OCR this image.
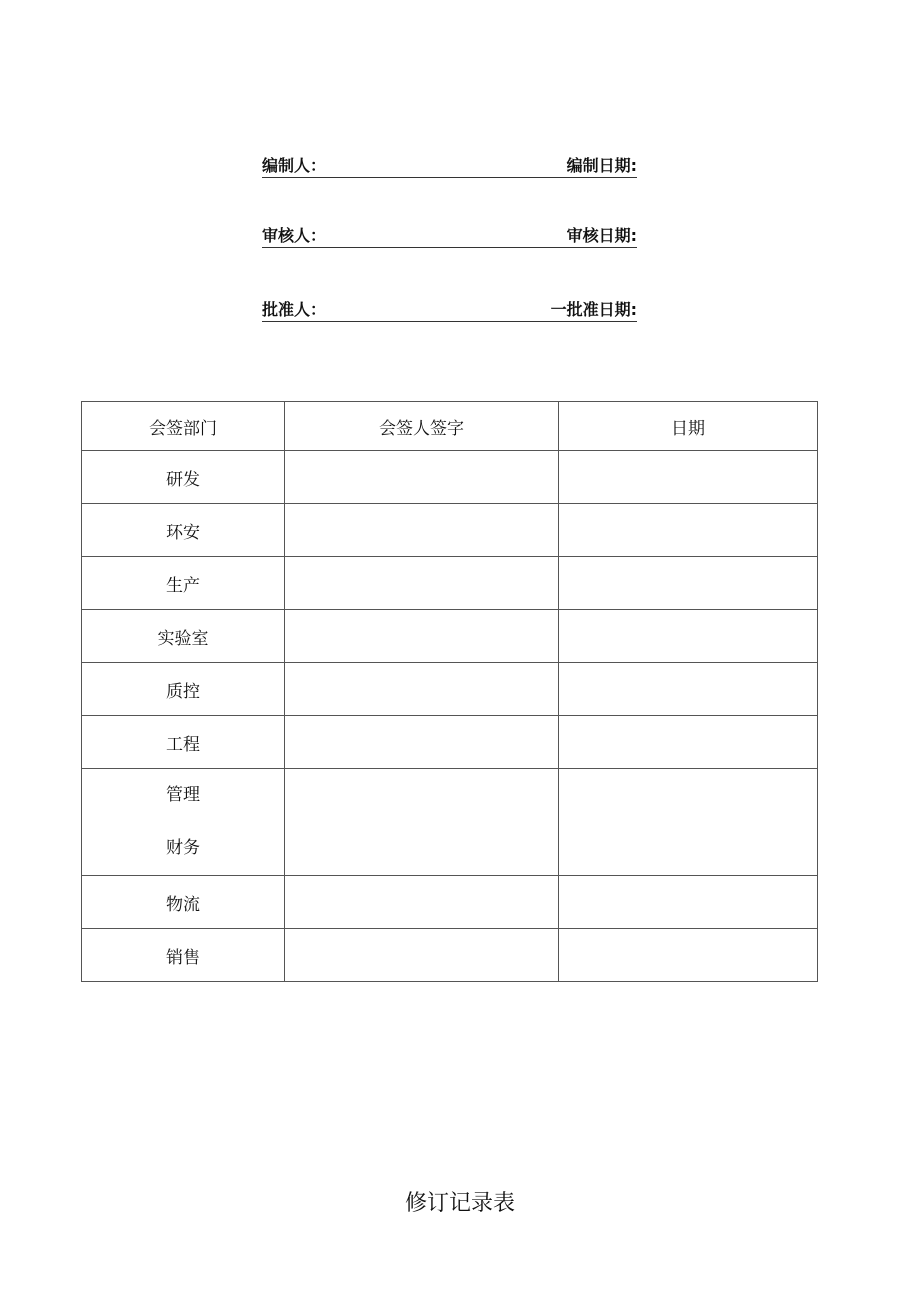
编制人：	编制日期:
审核人：	审核日期:
批准人：	一批准日期:
会签部门	会签人签字	日期
研发		
环安		
生产		
实验室		
质控		
工程		

管理
财务		

物流		
销售		
修订记录表
